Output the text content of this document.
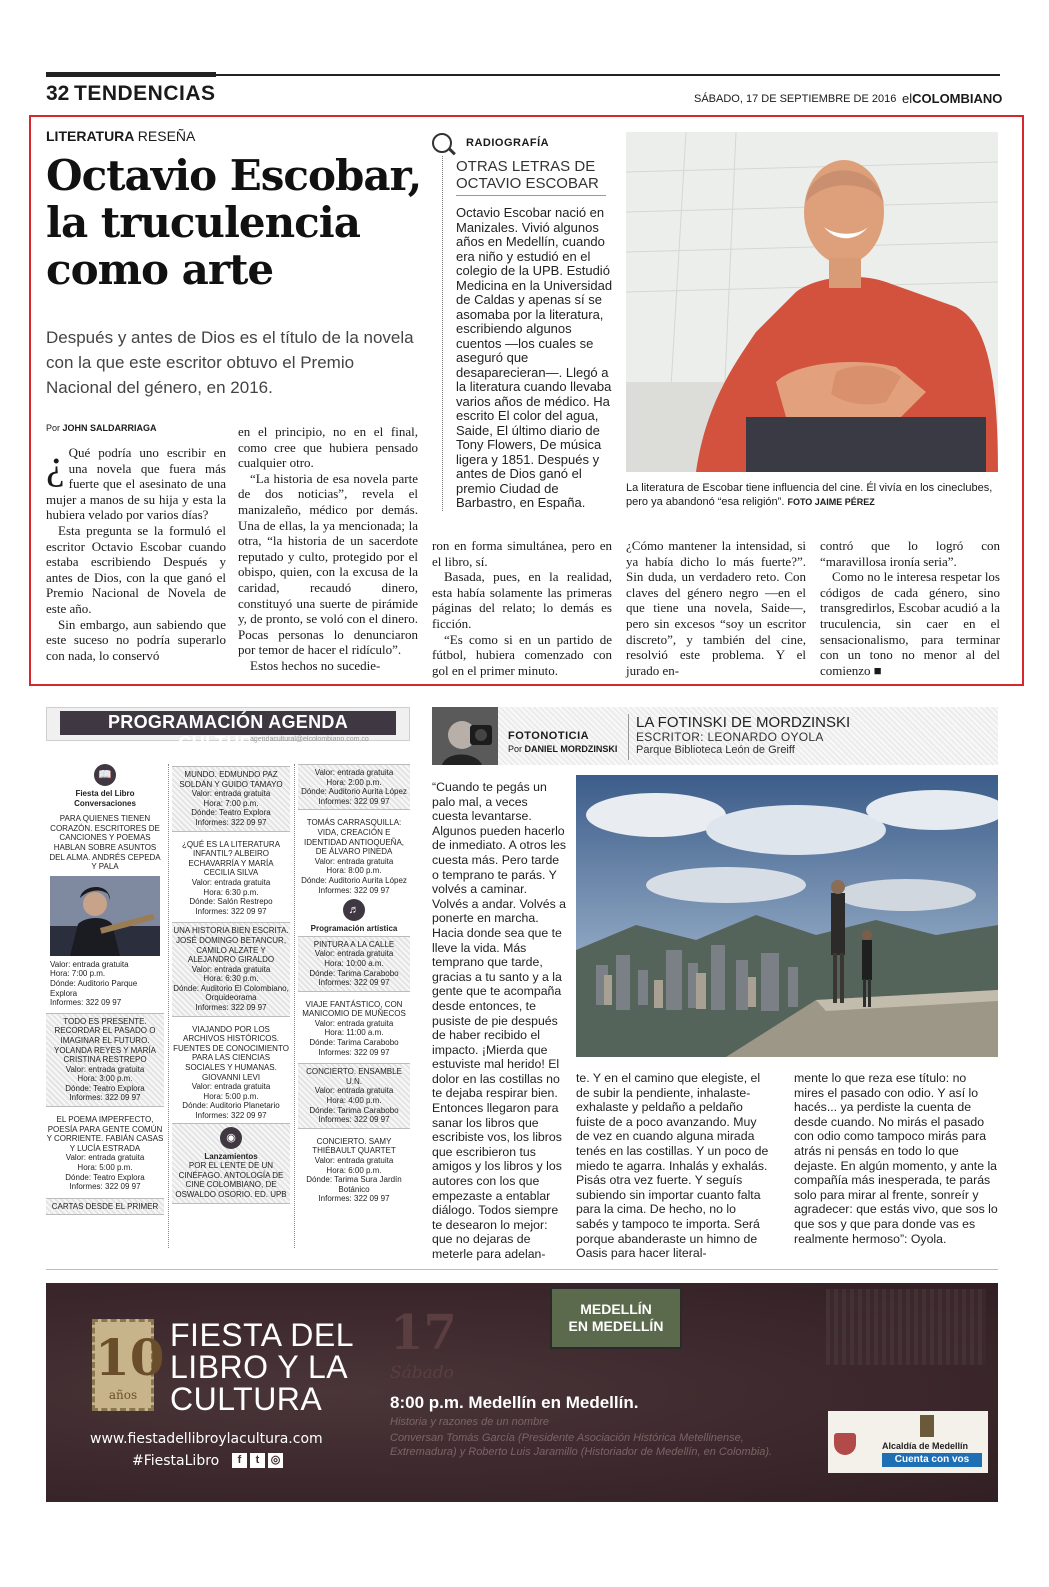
32 TENDENCIAS	SÁBADO, 17 DE SEPTIEMBRE DE 2016 elCOLOMBIANO
LITERATURA RESEÑA
Octavio Escobar,
la truculencia
como arte
Después y antes de Dios es el título de la novela con la que este escritor obtuvo el Premio Nacional del género, en 2016.
Por JOHN SALDARRIAGA

¿ Qué podría uno escribir en una novela que fuera más fuerte que el asesinato de una mujer a manos de su hija y esta la hubiera velado por varios días?

Esta pregunta se la formuló el escritor Octavio Escobar cuando estaba escribiendo Después y antes de Dios, con la que ganó el Premio Nacional de Novela de este año.

Sin embargo, aun sabiendo que este suceso no podría superarlo con nada, lo conservó

en el principio, no en el final, como cree que hubiera pensado cualquier otro.

“La historia de esa novela parte de dos noticias”, revela el manizaleño, médico por demás. Una de ellas, la ya mencionada; la otra, “la historia de un sacerdote reputado y culto, protegido por el obispo, quien, con la excusa de la caridad, recaudó dinero, constituyó una suerte de pirámide y, de pronto, se voló con el dinero. Pocas personas lo denunciaron por temor de hacer el ridículo”.

Estos hechos no sucedie-

ron en forma simultánea, pero en el libro, sí.

Basada, pues, en la realidad, esta había solamente las primeras páginas del relato; lo demás es ficción.

“Es como si en un partido de fútbol, hubiera comenzado con gol en el primer minuto.

¿Cómo mantener la intensidad, si ya había dicho lo más fuerte?”. Sin duda, un verdadero reto. Con claves del género negro —en el que tiene una novela, Saide—, pero sin excesos “soy un escritor discreto”, y también del cine, resolvió este problema. Y el jurado en-

contró que lo logró con “maravillosa ironía seria”.

Como no le interesa respetar los códigos de cada género, sino transgredirlos, Escobar acudió a la truculencia, sin caer en el sensacionalismo, para terminar con un tono no menor al del comienzo ■

RADIOGRAFÍA
OTRAS LETRAS DE OCTAVIO ESCOBAR
Octavio Escobar nació en Manizales. Vivió algunos años en Medellín, cuando era niño y estudió en el colegio de la UPB. Estudió Medicina en la Universidad de Caldas y apenas sí se asomaba por la literatura, escribiendo algunos cuentos —los cuales se aseguró que desaparecieran—. Llegó a la literatura cuando llevaba varios años de médico. Ha escrito El color del agua, Saide, El último diario de Tony Flowers, De música ligera y 1851. Después y antes de Dios ganó el premio Ciudad de Barbastro, en España.
La literatura de Escobar tiene influencia del cine. Él vivía en los cineclubes, pero ya abandonó “esa religión”. FOTO JAIME PÉREZ
PROGRAMACIÓN AGENDA CULTURAL
agendacultural@elcolombiano.com.co
📖
Fiesta del Libro Conversaciones
PARA QUIENES TIENEN CORAZÓN. ESCRITORES DE CANCIONES Y POEMAS HABLAN SOBRE ASUNTOS DEL ALMA. ANDRÉS CEPEDA Y PALA
Valor: entrada gratuita
Hora: 7:00 p.m.
Dónde: Auditorio Parque Explora
Informes: 322 09 97
TODO ES PRESENTE. RECORDAR EL PASADO O IMAGINAR EL FUTURO. YOLANDA REYES Y MARÍA CRISTINA RESTREPO
Valor: entrada gratuita
Hora: 3:00 p.m.
Dónde: Teatro Explora
Informes: 322 09 97
EL POEMA IMPERFECTO, POESÍA PARA GENTE COMÚN Y CORRIENTE. FABIÁN CASAS Y LUCÍA ESTRADA
Valor: entrada gratuita
Hora: 5:00 p.m.
Dónde: Teatro Explora
Informes: 322 09 97
CARTAS DESDE EL PRIMER
MUNDO. EDMUNDO PAZ SOLDÁN Y GUIDO TAMAYO
Valor: entrada gratuita
Hora: 7:00 p.m.
Dónde: Teatro Explora
Informes: 322 09 97
¿QUÉ ES LA LITERATURA INFANTIL? ALBEIRO ECHAVARRÍA Y MARÍA CECILIA SILVA
Valor: entrada gratuita
Hora: 6:30 p.m.
Dónde: Salón Restrepo
Informes: 322 09 97
UNA HISTORIA BIEN ESCRITA. JOSÉ DOMINGO BETANCUR, CAMILO ALZATE Y ALEJANDRO GIRALDO
Valor: entrada gratuita
Hora: 6:30 p.m.
Dónde: Auditorio El Colombiano, Orquideorama
Informes: 322 09 97
VIAJANDO POR LOS ARCHIVOS HISTÓRICOS. FUENTES DE CONOCIMIENTO PARA LAS CIENCIAS SOCIALES Y HUMANAS. GIOVANNI LEVI
Valor: entrada gratuita
Hora: 5:00 p.m.
Dónde: Auditorio Planetario
Informes: 322 09 97
◉
Lanzamientos
POR EL LENTE DE UN CINÉFAGO. ANTOLOGÍA DE CINE COLOMBIANO, DE OSWALDO OSORIO. ED. UPB
Valor: entrada gratuita
Hora: 2:00 p.m.
Dónde: Auditorio Aurita López
Informes: 322 09 97
TOMÁS CARRASQUILLA: VIDA, CREACIÓN E IDENTIDAD ANTIOQUEÑA, DE ÁLVARO PINEDA
Valor: entrada gratuita
Hora: 8:00 p.m.
Dónde: Auditorio Aurita López
Informes: 322 09 97
♬
Programación artística
PINTURA A LA CALLE
Valor: entrada gratuita
Hora: 10:00 a.m.
Dónde: Tarima Carabobo
Informes: 322 09 97
VIAJE FANTÁSTICO, CON MANICOMIO DE MUÑECOS
Valor: entrada gratuita
Hora: 11:00 a.m.
Dónde: Tarima Carabobo
Informes: 322 09 97
CONCIERTO. ENSAMBLE U.N.
Valor: entrada gratuita
Hora: 4:00 p.m.
Dónde: Tarima Carabobo
Informes: 322 09 97
CONCIERTO. SAMY THIÉBAULT QUARTET
Valor: entrada gratuita
Hora: 6:00 p.m.
Dónde: Tarima Sura Jardín Botánico
Informes: 322 09 97
FOTONOTICIA
Por DANIEL MORDZINSKI
LA FOTINSKI DE MORDZINSKI
ESCRITOR: LEONARDO OYOLA
Parque Biblioteca León de Greiff
“Cuando te pegás un palo mal, a veces cuesta levantarse. Algunos pueden hacerlo de inmediato. A otros les cuesta más. Pero tarde o temprano te parás. Y volvés a caminar. Volvés a andar. Volvés a ponerte en marcha. Hacia donde sea que te lleve la vida. Más temprano que tarde, gracias a tu santo y a la gente que te acompaña desde entonces, te pusiste de pie después de haber recibido el impacto. ¡Mierda que estuviste mal herido! El dolor en las costillas no te dejaba respirar bien. Entonces llegaron para sanar los libros que escribiste vos, los libros que escribieron tus amigos y los libros y los autores con los que empezaste a entablar diálogo. Todos siempre te desearon lo mejor: que no dejaras de meterle para adelan-
te. Y en el camino que elegiste, el de subir la pendiente, inhalaste-exhalaste y peldaño a peldaño fuiste de a poco avanzando. Muy de vez en cuando alguna mirada tenés en las costillas. Y un poco de miedo te agarra. Inhalás y exhalás. Pisás otra vez fuerte. Y seguís subiendo sin importar cuanto falta para la cima. De hecho, no lo sabés y tampoco te importa. Será porque abanderaste un himno de Oasis para hacer literal-
mente lo que reza ese título: no mires el pasado con odio. Y así lo hacés... ya perdiste la cuenta de desde cuando. No mirás el pasado con odio como tampoco mirás para atrás ni pensás en todo lo que dejaste. En algún momento, y ante la compañía más inesperada, te parás solo para mirar al frente, sonreír y agradecer: que estás vivo, que sos lo que sos y que para donde vas es realmente hermoso”: Oyola.
10
años
FIESTA DEL
LIBRO Y LA
CULTURA
www.fiestadellibroylacultura.com
#FiestaLibro	f	t	◎
17
Sábado
MEDELLÍN
EN MEDELLÍN
8:00 p.m. Medellín en Medellín.
Historia y razones de un nombre
Conversan Tomás García (Presidente Asociación Histórica Metellinense, Extremadura) y Roberto Luis Jaramillo (Historiador de Medellín, en Colombia).	Alcaldía de Medellín
Cuenta con vos
